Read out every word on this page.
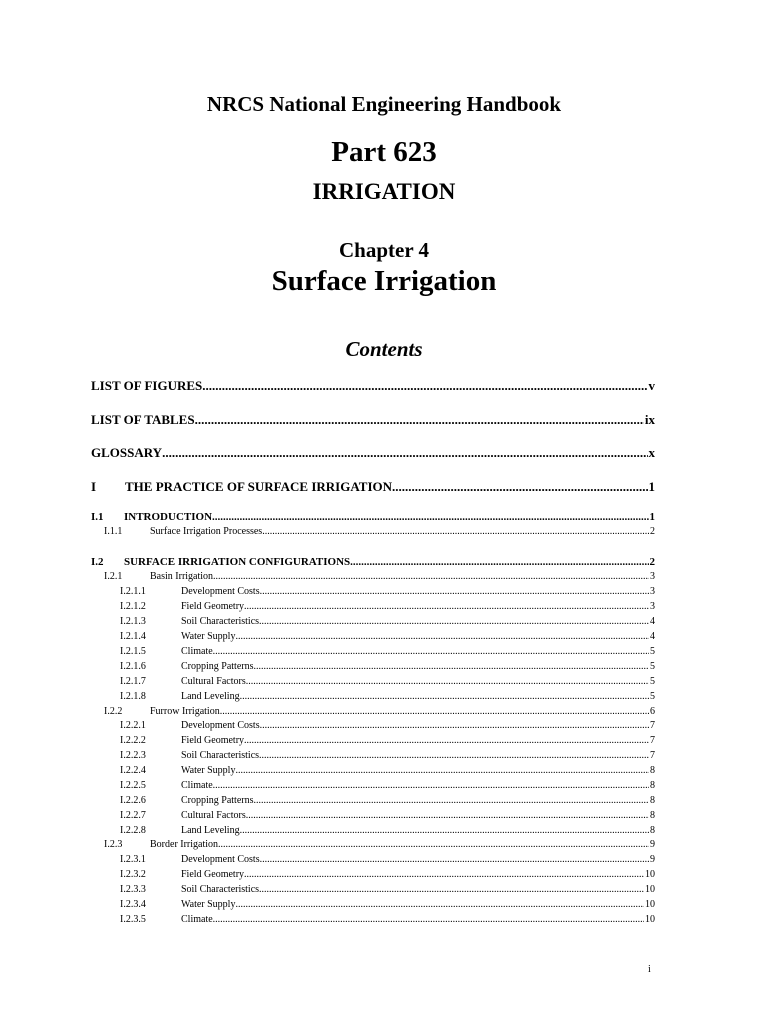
NRCS National Engineering Handbook
Part 623
IRRIGATION
Chapter 4
Surface Irrigation
Contents
LIST OF FIGURES .....	v
LIST OF TABLES .....	ix
GLOSSARY .....	x
I THE PRACTICE OF SURFACE IRRIGATION .....	1
I.1 INTRODUCTION .....	1
I.1.1	Surface Irrigation Processes .....	2
I.2 SURFACE IRRIGATION CONFIGURATIONS .....	2
I.2.1	Basin Irrigation .....	3
I.2.1.1	Development Costs .....	3
I.2.1.2	Field Geometry .....	3
I.2.1.3	Soil Characteristics .....	4
I.2.1.4	Water Supply .....	4
I.2.1.5	Climate .....	5
I.2.1.6	Cropping Patterns .....	5
I.2.1.7	Cultural Factors .....	5
I.2.1.8	Land Leveling .....	5
I.2.2	Furrow Irrigation .....	6
I.2.2.1	Development Costs .....	7
I.2.2.2	Field Geometry .....	7
I.2.2.3	Soil Characteristics .....	7
I.2.2.4	Water Supply .....	8
I.2.2.5	Climate .....	8
I.2.2.6	Cropping Patterns .....	8
I.2.2.7	Cultural Factors .....	8
I.2.2.8	Land Leveling .....	8
I.2.3	Border Irrigation .....	9
I.2.3.1	Development Costs .....	9
I.2.3.2	Field Geometry .....	10
I.2.3.3	Soil Characteristics .....	10
I.2.3.4	Water Supply .....	10
I.2.3.5	Climate .....	10
i
